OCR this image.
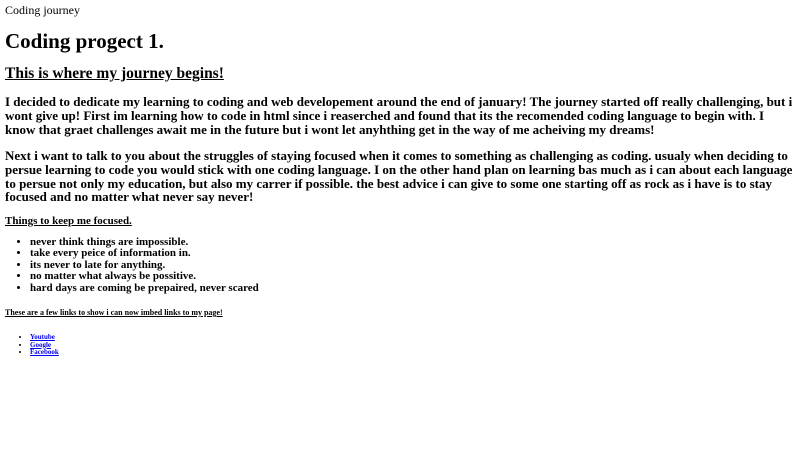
Coding journey
Coding progect 1.
This is where my journey begins!

I decided to dedicate my learning to coding and web developement around the end of january! The journey started off really challenging, but i wont give up! First im learning how to code in html since i reaserched and found that its the recomended coding language to begin with. I know that graet challenges await me in the future but i wont let anyhthing get in the way of me acheiving my dreams!

Next i want to talk to you about the struggles of staying focused when it comes to something as challenging as coding. usualy when deciding to persue learning to code you would stick with one coding language. I on the other hand plan on learning bas much as i can about each language to persue not only my education, but also my carrer if possible. the best advice i can give to some one starting off as rock as i have is to stay focused and no matter what never say never!

Things to keep me focused.
• never think things are impossible.
• take every peice of information in.
• its never to late for anything.
• no matter what always be possitive.
• hard days are coming be prepaired, never scared
These are a few links to show i can now imbed links to my page!
• Youtube
• Google
• Facebook
